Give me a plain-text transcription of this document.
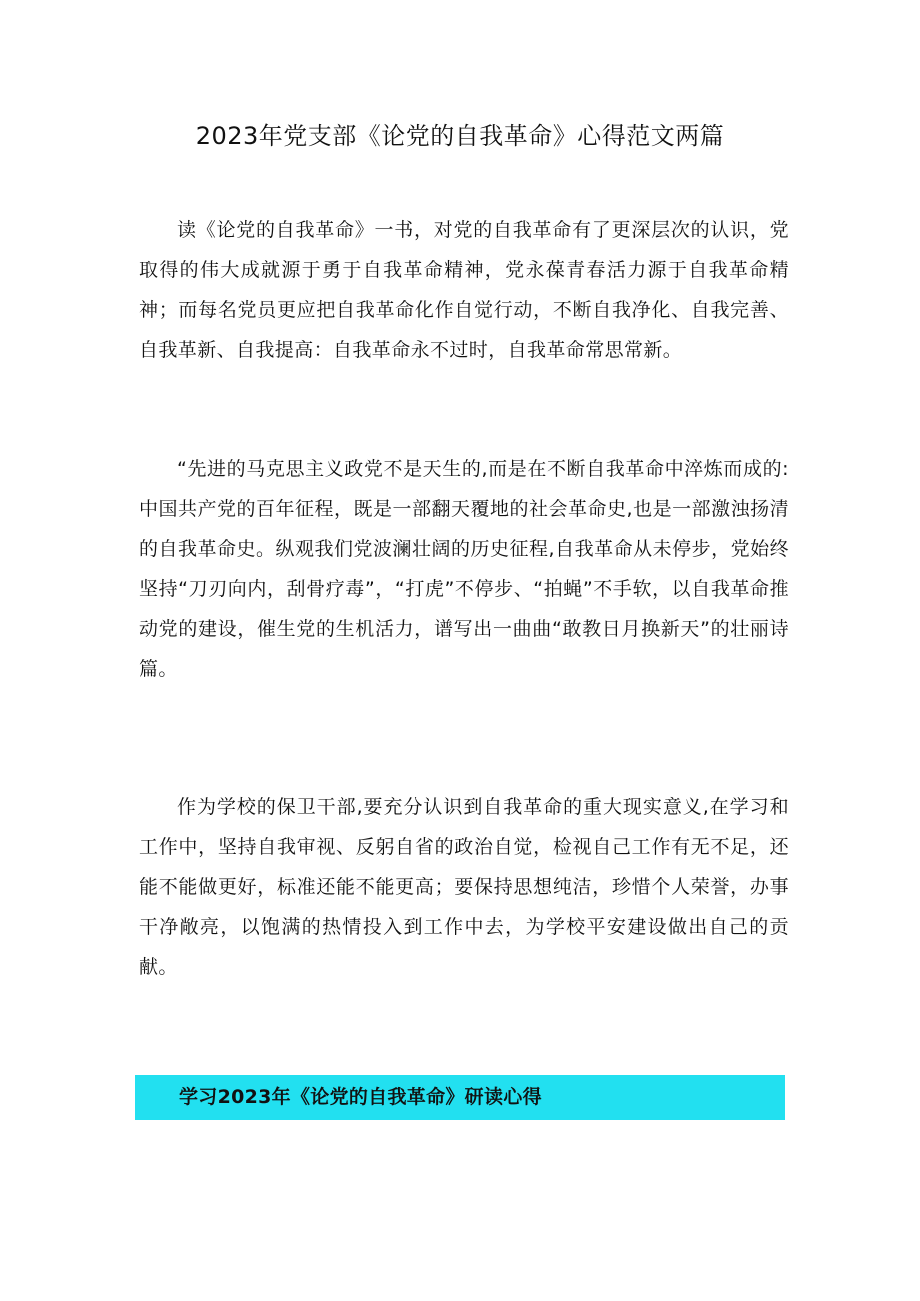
2023年党支部《论党的自我革命》心得范文两篇

读《论党的自我革命》一书，对党的自我革命有了更深层次的认识，党取得的伟大成就源于勇于自我革命精神，党永葆青春活力源于自我革命精神；而每名党员更应把自我革命化作自觉行动，不断自我净化、自我完善、自我革新、自我提高：自我革命永不过时，自我革命常思常新。

“先进的马克思主义政党不是天生的,而是在不断自我革命中淬炼而成的:中国共产党的百年征程，既是一部翻天覆地的社会革命史,也是一部激浊扬清的自我革命史。纵观我们党波澜壮阔的历史征程,自我革命从未停步，党始终坚持“刀刃向内，刮骨疗毒”，“打虎”不停步、“拍蝇”不手软，以自我革命推动党的建设，催生党的生机活力，谱写出一曲曲“敢教日月换新天”的壮丽诗篇。

作为学校的保卫干部,要充分认识到自我革命的重大现实意义,在学习和工作中，坚持自我审视、反躬自省的政治自觉，检视自己工作有无不足，还能不能做更好，标准还能不能更高；要保持思想纯洁，珍惜个人荣誉，办事干净敞亮，以饱满的热情投入到工作中去，为学校平安建设做出自己的贡献。

学习2023年《论党的自我革命》研读心得
